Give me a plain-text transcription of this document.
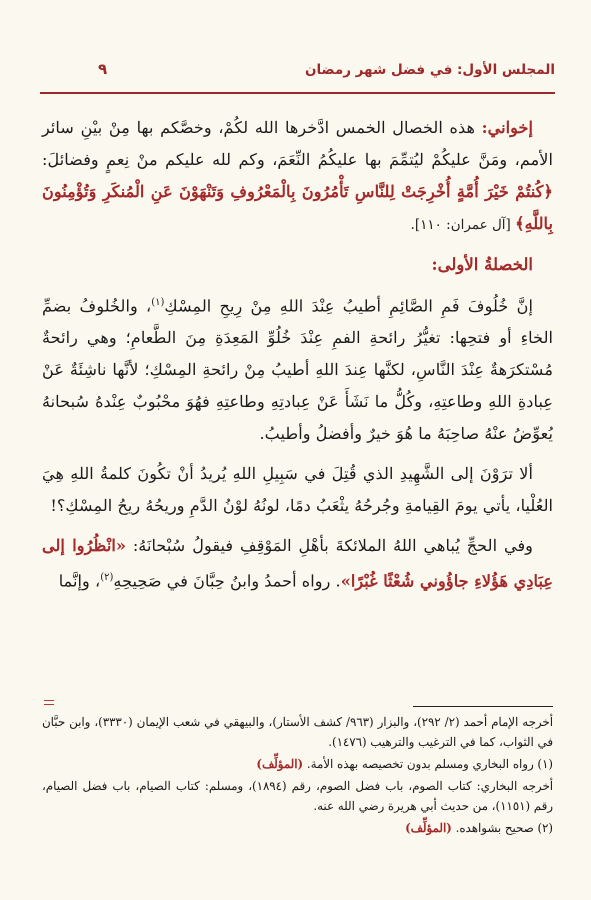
المجلس الأول: في فضل شهر رمضان
٩

إخواني: هذه الخصال الخمس ادَّخرها الله لكُمْ، وخصَّكم بها مِنْ بيْنِ سائر الأمم، ومَنَّ عليكُمْ ليُتمِّمَ بها عليكُمُ النِّعَمَ، وكم لله عليكم منْ نِعمٍ وفضائلَ: ﴿كُنتُمْ خَيْرَ أُمَّةٍ أُخْرِجَتْ لِلنَّاسِ تَأْمُرُونَ بِالْمَعْرُوفِ وَتَنْهَوْنَ عَنِ الْمُنكَرِ وَتُؤْمِنُونَ بِاللَّهِ﴾ [آل عمران: ١١٠].

الخصلةُ الأولى:

إنَّ خُلُوفَ فَمِ الصَّائِمِ أطيبُ عِنْدَ اللهِ مِنْ رِيحِ المِسْكِ$^{(١)}$، والخُلوفُ بضمِّ الخاءِ أو فتحِها: تغيُّرُ رائحةِ الفمِ عِنْدَ خُلُوِّ المَعِدَةِ مِنَ الطَّعامِ؛ وهي رائحةٌ مُسْتكرَهةٌ عِنْدَ النَّاسِ، لكنَّها عِندَ اللهِ أطيبُ مِنْ رائحةِ المِسْكِ؛ لأنَّها ناشِئَةٌ عَنْ عِبادةِ اللهِ وطاعتِهِ، وكُلُّ ما نَشَأَ عَنْ عِبادتِهِ وطاعتِهِ فهُوَ محْبُوبٌ عِنْدهُ سُبحانهُ يُعوِّضُ عنْهُ صاحِبَهُ ما هُوَ خيرٌ وأفضلُ وأطيبُ.

ألا ترَوْنَ إلى الشَّهِيدِ الذي قُتِلَ في سَبِيلِ اللهِ يُريدُ أنْ تكُونَ كلمةُ اللهِ هِيَ العُلْيا، يأتي يومَ القِيامةِ وجُرحُهُ يثْعَبُ دمًا، لونُهُ لوْنُ الدَّمِ وريحُهُ ريحُ المِسْكِ؟!

وفي الحجِّ يُباهي اللهُ الملائكةَ بأهْلِ المَوْقِفِ فيقولُ سُبْحانَهُ: «انْظُرُوا إلى عِبَادِي هَؤُلاءِ جاؤُوني شُعْثًا غُبْرًا». رواه أحمدُ وابنُ حِبَّانَ في صَحِيحِهِ$^{(٢)}$، وإنَّما

أخرجه الإمام أحمد (٢/ ٢٩٢)، والبزار (٩٦٣/ كشف الأستار)، والبيهقي في شعب الإيمان (٣٣٣٠)، وابن حبَّان في الثواب، كما في الترغيب والترهيب (١٤٧٦).

(١) رواه البخاري ومسلم بدون تخصيصه بهذه الأمة. (المؤلِّف)

أخرجه البخاري: كتاب الصوم، باب فضل الصوم، رقم (١٨٩٤)، ومسلم: كتاب الصيام، باب فضل الصيام، رقم (١١٥١)، من حديث أبي هريرة رضي الله عنه.

(٢) صحيح بشواهده. (المؤلِّف)
